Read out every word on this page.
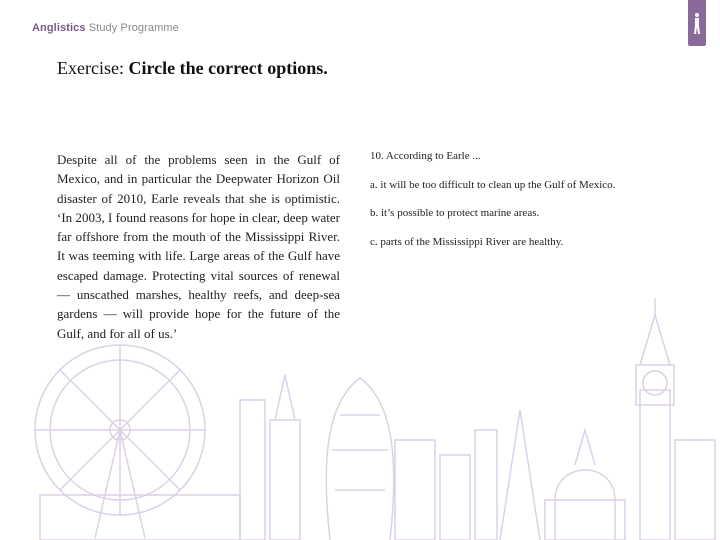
Anglistics Study Programme
Exercise: Circle the correct options.
Despite all of the problems seen in the Gulf of Mexico, and in particular the Deepwater Horizon Oil disaster of 2010, Earle reveals that she is optimistic. ‘In 2003, I found reasons for hope in clear, deep water far offshore from the mouth of the Mississippi River. It was teeming with life. Large areas of the Gulf have escaped damage. Protecting vital sources of renewal — unscathed marshes, healthy reefs, and deep-sea gardens — will provide hope for the future of the Gulf, and for all of us.’
10. According to Earle ...
a. it will be too difficult to clean up the Gulf of Mexico.
b. it’s possible to protect marine areas.
c. parts of the Mississippi River are healthy.
